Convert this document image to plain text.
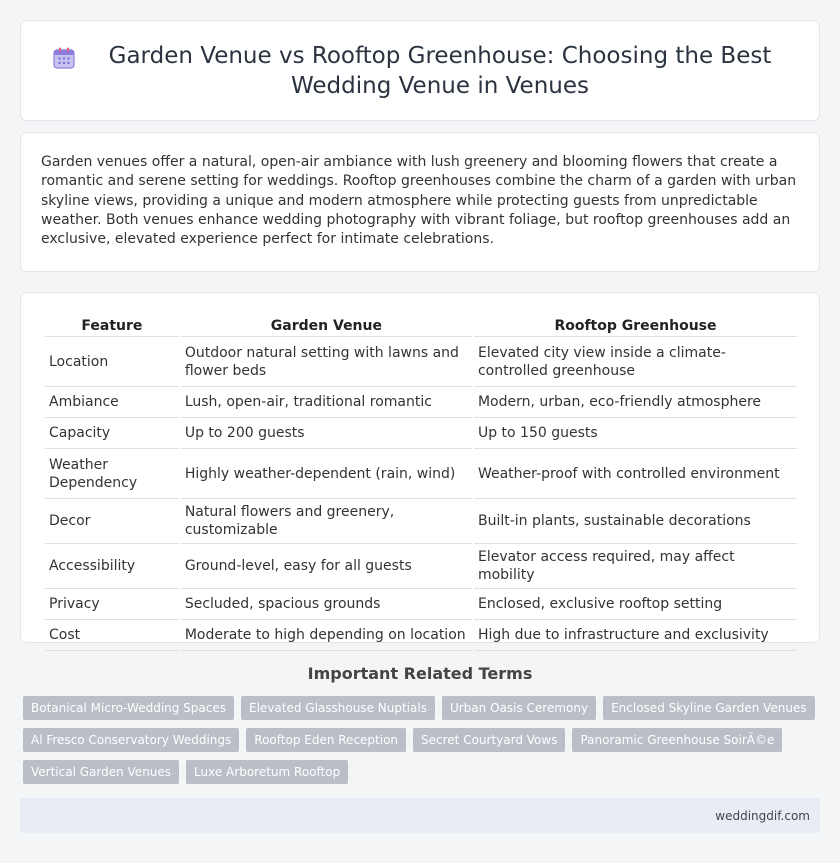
Garden Venue vs Rooftop Greenhouse: Choosing the Best Wedding Venue in Venues

Garden venues offer a natural, open-air ambiance with lush greenery and blooming flowers that create a romantic and serene setting for weddings. Rooftop greenhouses combine the charm of a garden with urban skyline views, providing a unique and modern atmosphere while protecting guests from unpredictable weather. Both venues enhance wedding photography with vibrant foliage, but rooftop greenhouses add an exclusive, elevated experience perfect for intimate celebrations.

Feature	Garden Venue	Rooftop Greenhouse
Location	Outdoor natural setting with lawns and flower beds	Elevated city view inside a climate-controlled greenhouse
Ambiance	Lush, open-air, traditional romantic	Modern, urban, eco-friendly atmosphere
Capacity	Up to 200 guests	Up to 150 guests
Weather Dependency	Highly weather-dependent (rain, wind)	Weather-proof with controlled environment
Decor	Natural flowers and greenery, customizable	Built-in plants, sustainable decorations
Accessibility	Ground-level, easy for all guests	Elevator access required, may affect mobility
Privacy	Secluded, spacious grounds	Enclosed, exclusive rooftop setting
Cost	Moderate to high depending on location	High due to infrastructure and exclusivity
Important Related Terms
Botanical Micro-Wedding Spaces	Elevated Glasshouse Nuptials	Urban Oasis Ceremony	Enclosed Skyline Garden Venues
Al Fresco Conservatory Weddings	Rooftop Eden Reception	Secret Courtyard Vows	Panoramic Greenhouse SoirÃ©e
Vertical Garden Venues	Luxe Arboretum Rooftop
weddingdif.com
